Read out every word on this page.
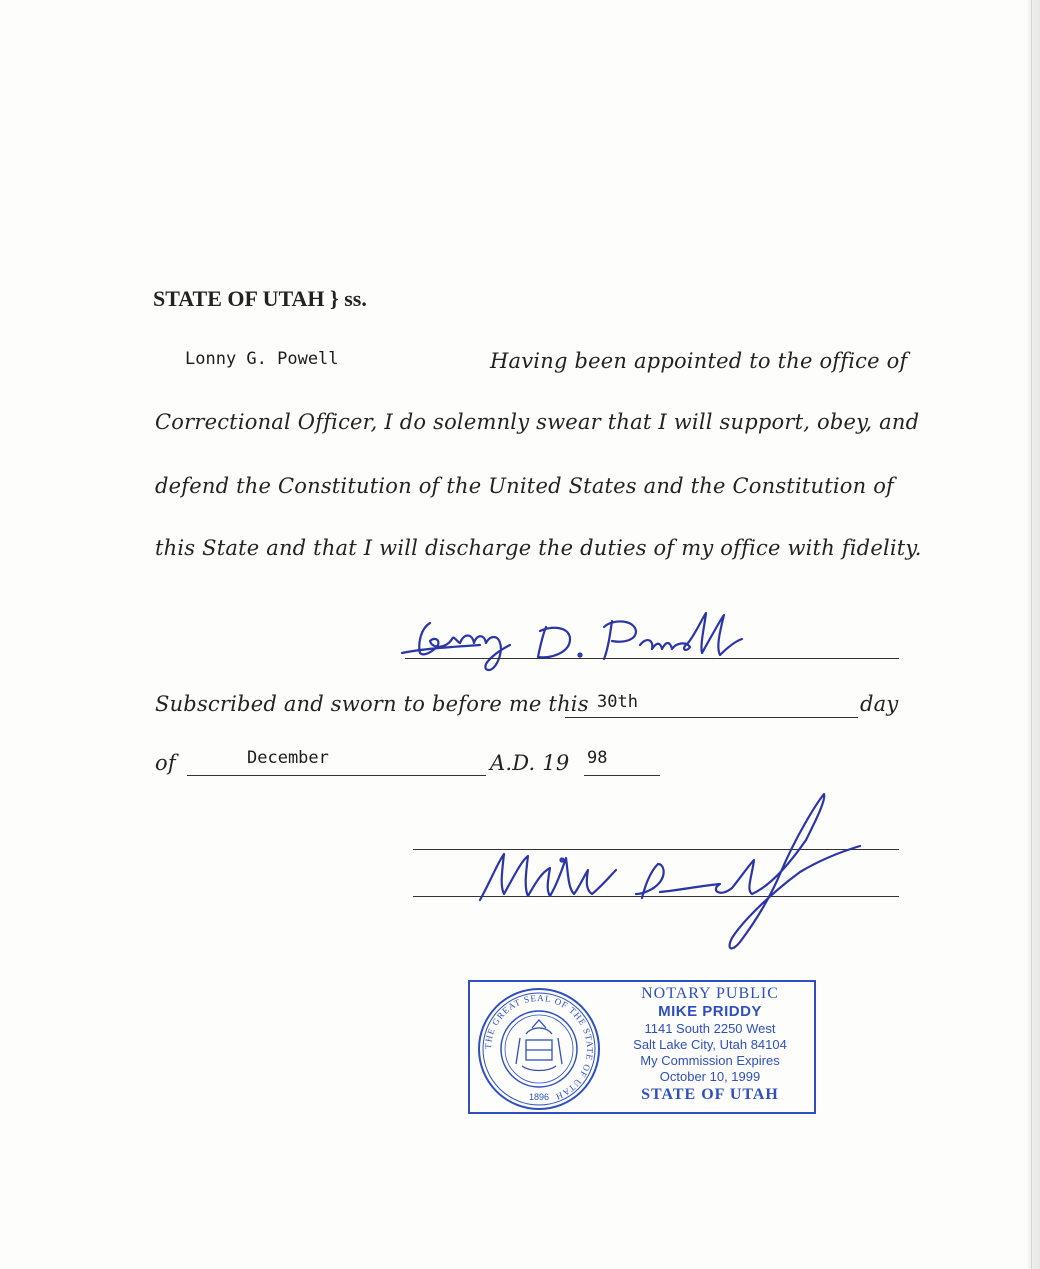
STATE OF UTAH } ss.
Lonny G. Powell	Having been appointed to the office of
Correctional Officer, I do solemnly swear that I will support, obey, and
defend the Constitution of the United States and the Constitution of
this State and that I will discharge the duties of my office with fidelity.
Subscribed and sworn to before me this 30th	day
of	December	A.D. 19 98
THE GREAT SEAL OF THE STATE OF UTAH
1896
NOTARY PUBLIC
MIKE PRIDDY
1141 South 2250 West
Salt Lake City, Utah 84104
My Commission Expires
October 10, 1999
STATE OF UTAH
